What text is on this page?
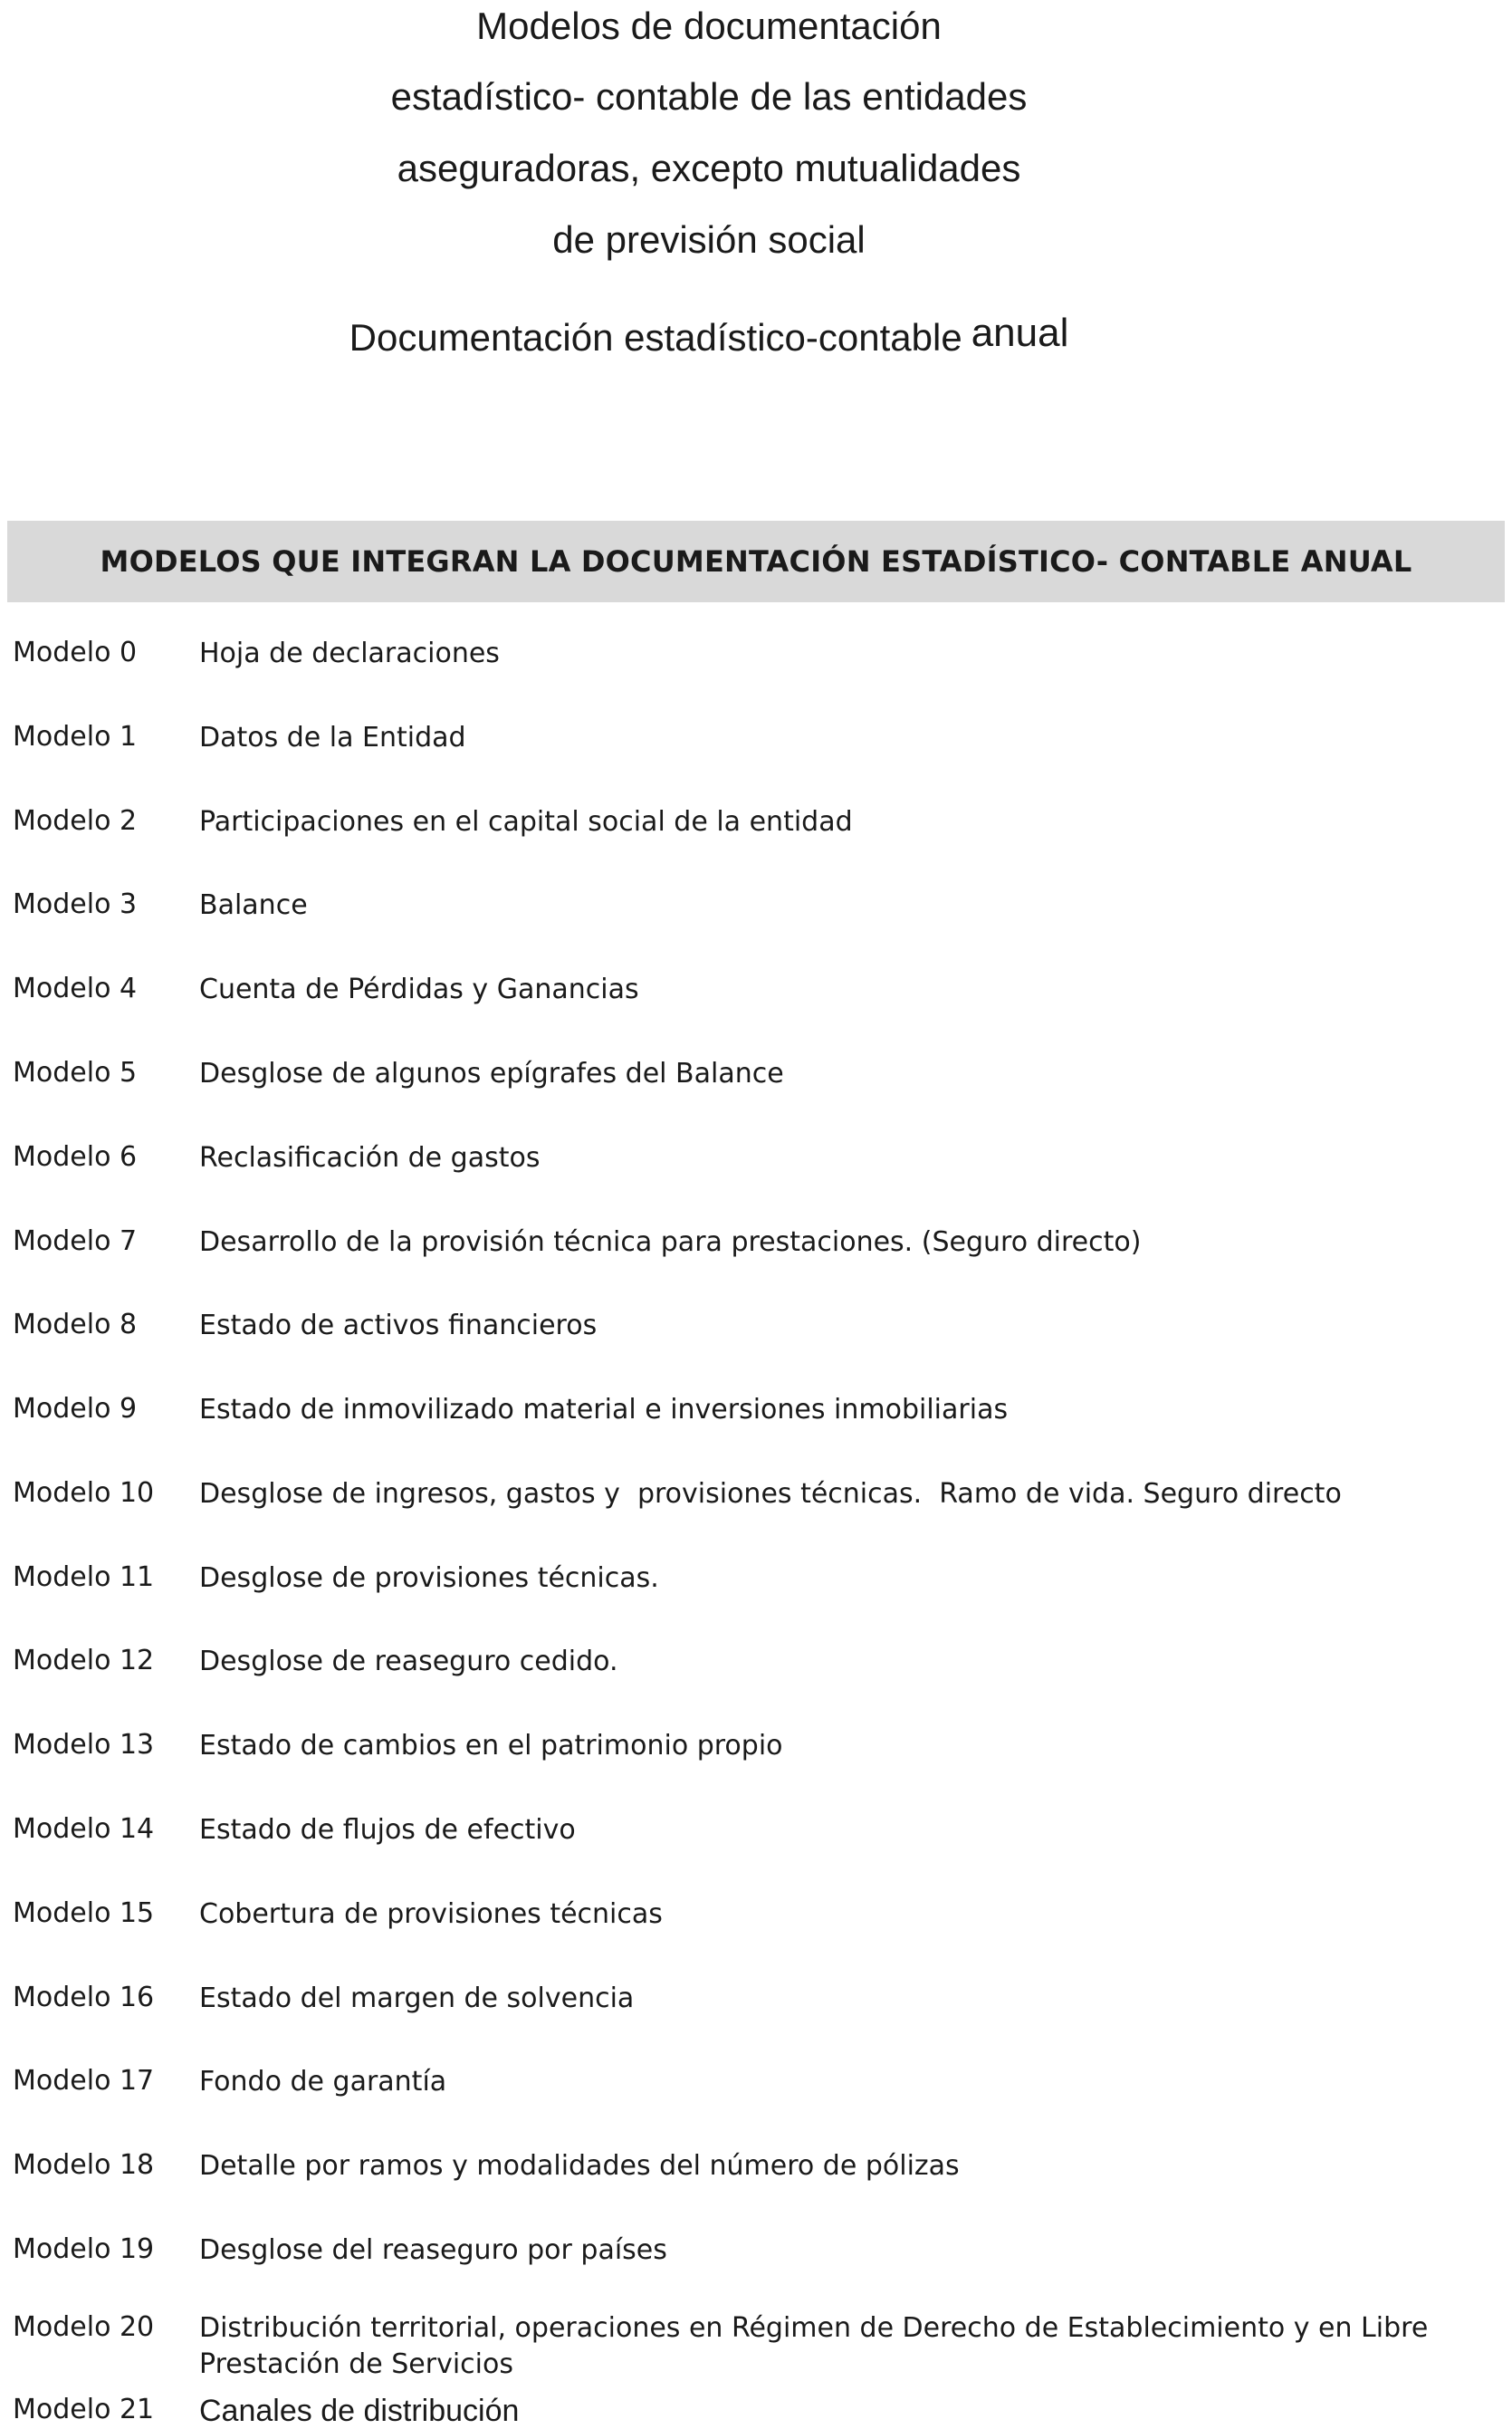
Modelos de documentación
estadístico- contable de las entidades
aseguradoras, excepto mutualidades
de previsión social
Documentación estadístico-contable anual
MODELOS QUE INTEGRAN LA DOCUMENTACIÓN ESTADÍSTICO- CONTABLE ANUAL
Modelo 0 Hoja de declaraciones
Modelo 1 Datos de la Entidad
Modelo 2 Participaciones en el capital social de la entidad
Modelo 3 Balance
Modelo 4 Cuenta de Pérdidas y Ganancias
Modelo 5 Desglose de algunos epígrafes del Balance
Modelo 6 Reclasificación de gastos
Modelo 7 Desarrollo de la provisión técnica para prestaciones. (Seguro directo)
Modelo 8 Estado de activos financieros
Modelo 9 Estado de inmovilizado material e inversiones inmobiliarias
Modelo 10 Desglose de ingresos, gastos y  provisiones técnicas.  Ramo de vida. Seguro directo
Modelo 11 Desglose de provisiones técnicas.
Modelo 12 Desglose de reaseguro cedido.
Modelo 13 Estado de cambios en el patrimonio propio
Modelo 14 Estado de flujos de efectivo
Modelo 15 Cobertura de provisiones técnicas
Modelo 16 Estado del margen de solvencia
Modelo 17 Fondo de garantía
Modelo 18 Detalle por ramos y modalidades del número de pólizas
Modelo 19 Desglose del reaseguro por países
Modelo 20 Distribución territorial, operaciones en Régimen de Derecho de Establecimiento y en Libre Prestación de Servicios
Modelo 21 Canales de distribución
